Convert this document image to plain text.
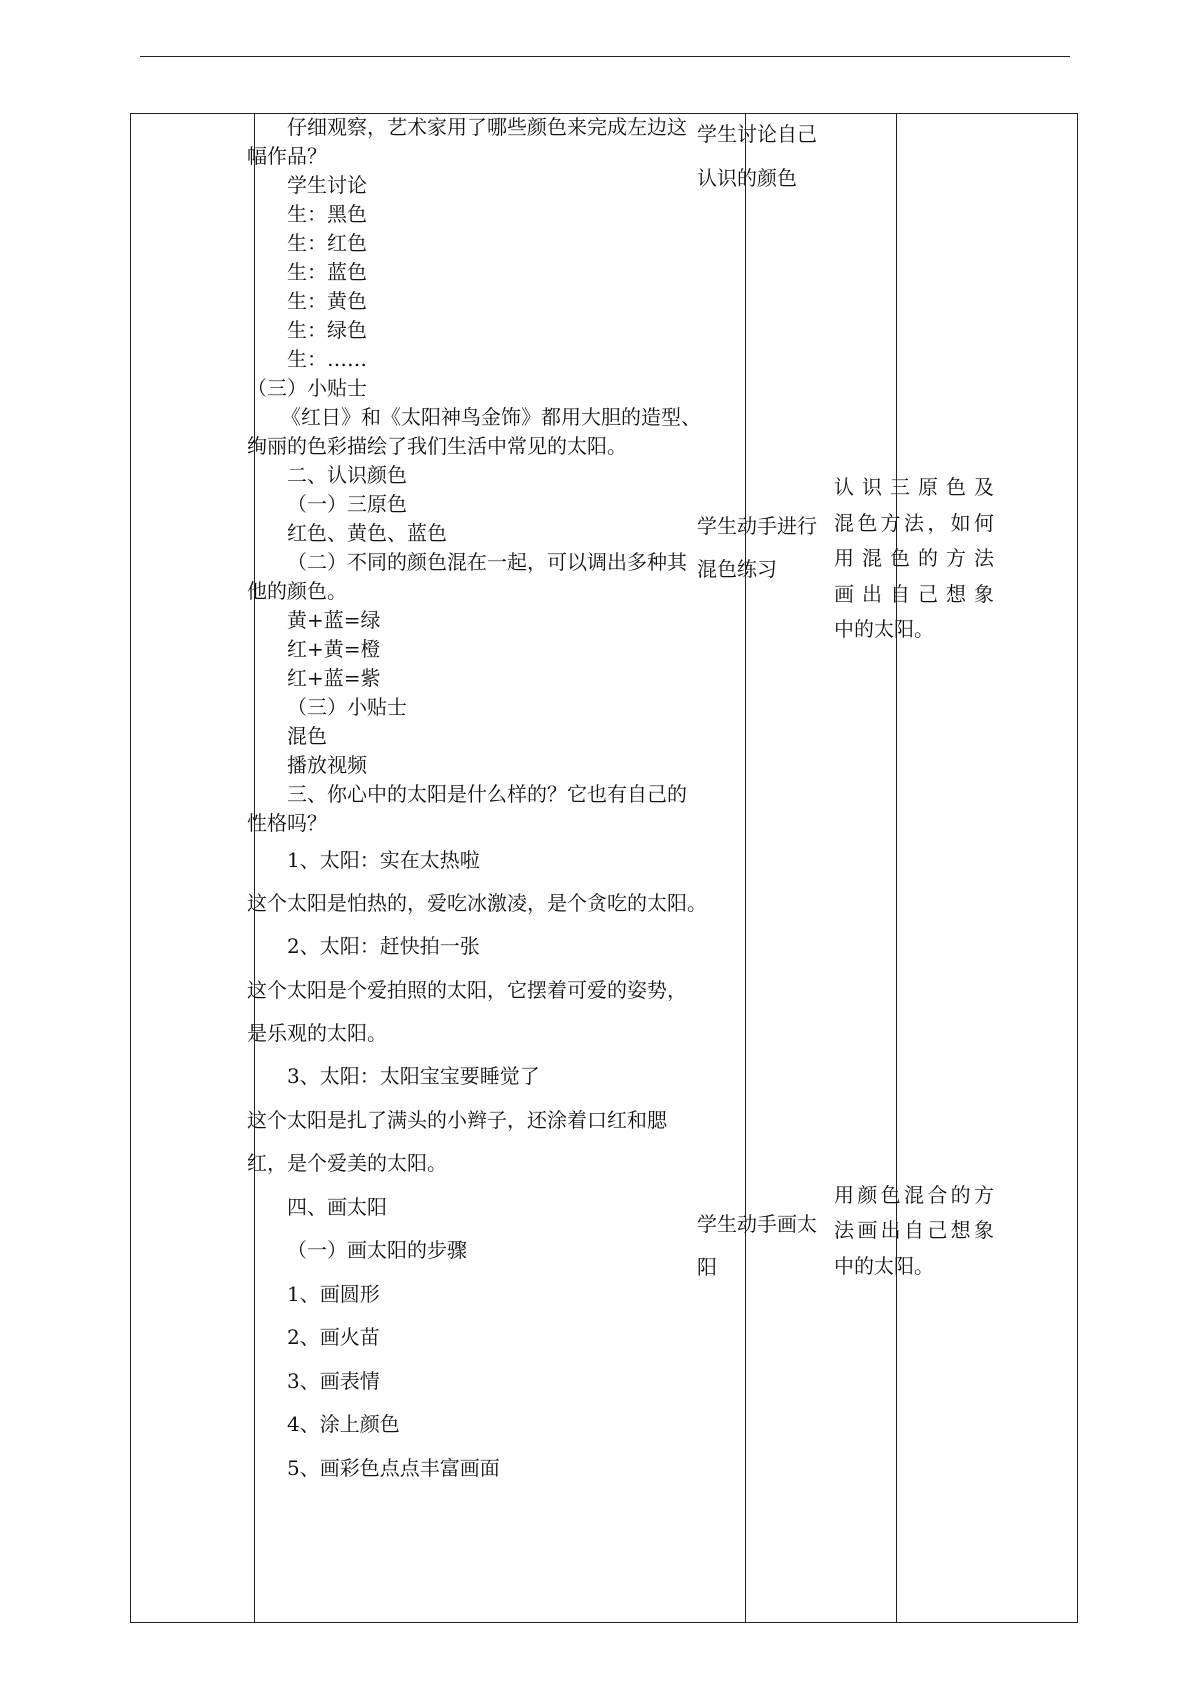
仔细观察，艺术家用了哪些颜色来完成左边这
幅作品？
学生讨论
生：黑色
生：红色
生：蓝色
生：黄色
生：绿色
生：……
（三）小贴士
《红日》和《太阳神鸟金饰》都用大胆的造型、
绚丽的色彩描绘了我们生活中常见的太阳。
二、认识颜色
（一）三原色
红色、黄色、蓝色
（二）不同的颜色混在一起，可以调出多种其
他的颜色。
黄+蓝=绿
红+黄=橙
红+蓝=紫
（三）小贴士
混色
播放视频
三、你心中的太阳是什么样的？它也有自己的
性格吗？
1、太阳：实在太热啦
这个太阳是怕热的，爱吃冰激凌，是个贪吃的太阳。
2、太阳：赶快拍一张
这个太阳是个爱拍照的太阳，它摆着可爱的姿势，
是乐观的太阳。
3、太阳：太阳宝宝要睡觉了
这个太阳是扎了满头的小辫子，还涂着口红和腮
红，是个爱美的太阳。
四、画太阳
（一）画太阳的步骤
1、画圆形
2、画火苗
3、画表情
4、涂上颜色
5、画彩色点点丰富画面
学生讨论自己
认识的颜色
学生动手进行
混色练习
学生动手画太
阳
认识三原色及
混色方法，如何
用混色的方法
画出自己想象
中的太阳。
用颜色混合的方
法画出自己想象
中的太阳。
